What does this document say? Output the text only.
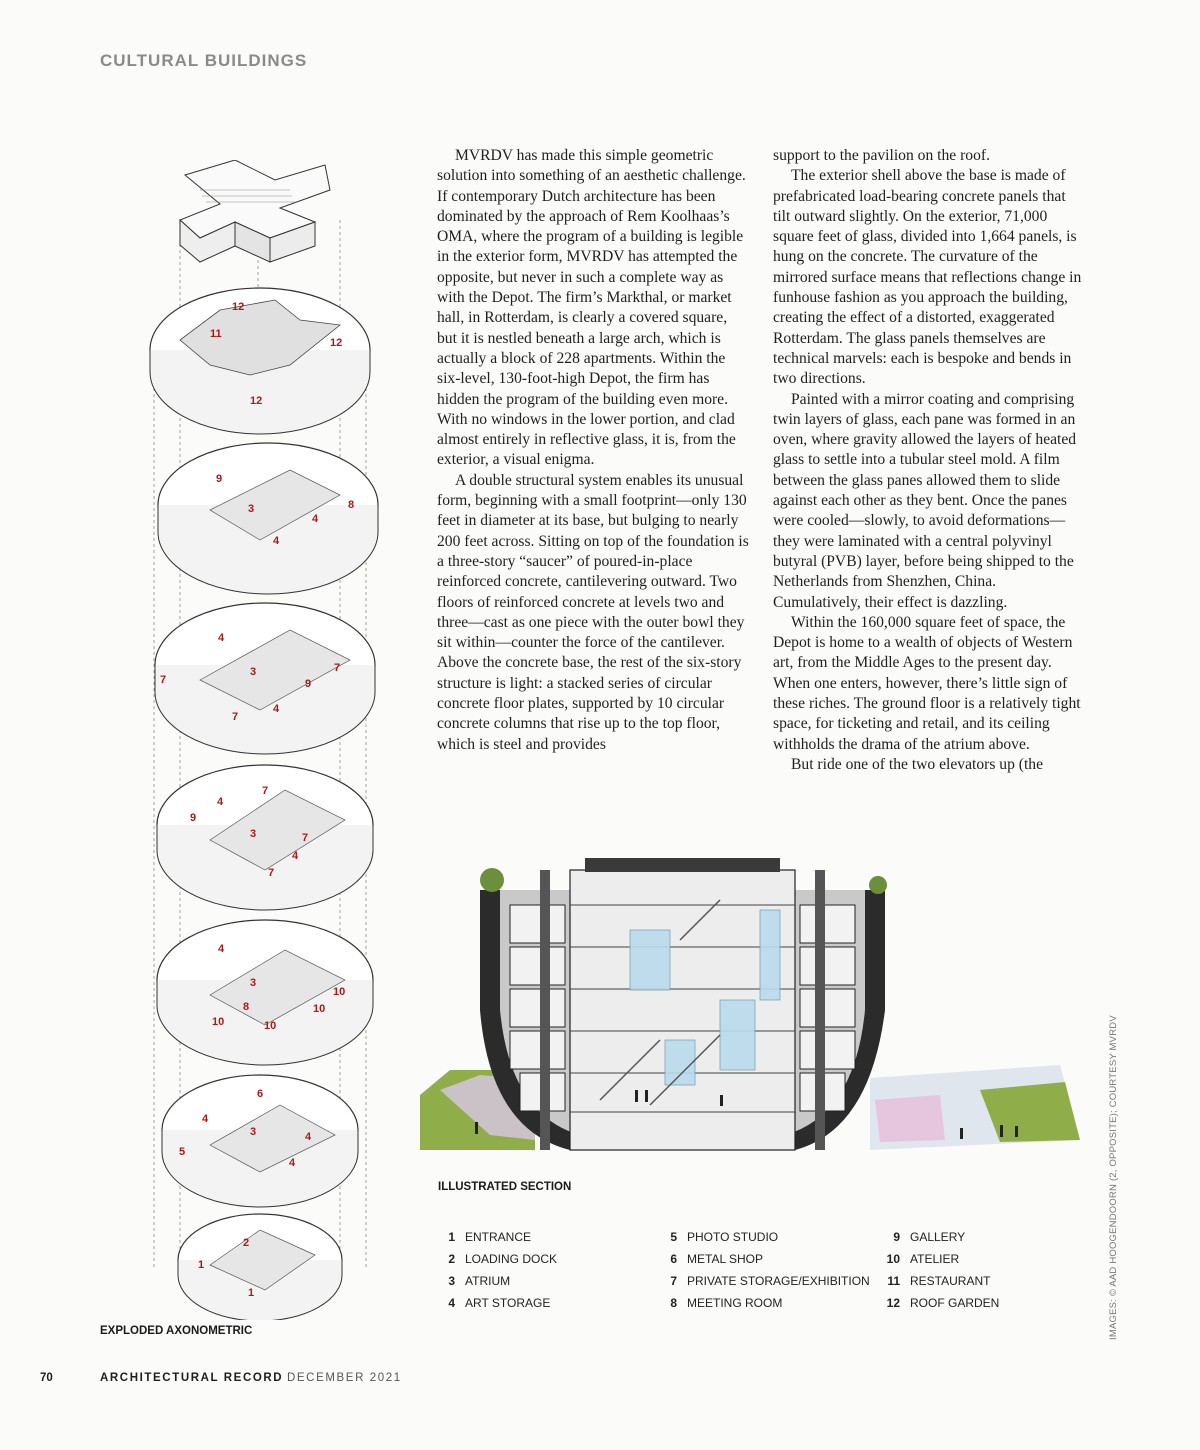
CULTURAL BUILDINGS

MVRDV has made this simple geometric solution into something of an aesthetic challenge. If contemporary Dutch architecture has been dominated by the approach of Rem Koolhaas’s OMA, where the program of a building is legible in the exterior form, MVRDV has attempted the opposite, but never in such a complete way as with the Depot. The firm’s Markthal, or market hall, in Rotterdam, is clearly a covered square, but it is nestled beneath a large arch, which is actually a block of 228 apartments. Within the six-level, 130-foot-high Depot, the firm has hidden the program of the building even more. With no windows in the lower portion, and clad almost entirely in reflective glass, it is, from the exterior, a visual enigma.

A double structural system enables its unusual form, beginning with a small footprint—only 130 feet in diameter at its base, but bulging to nearly 200 feet across. Sitting on top of the foundation is a three-story “saucer” of poured-in-place reinforced concrete, cantilevering outward. Two floors of reinforced concrete at levels two and three—cast as one piece with the outer bowl they sit within—counter the force of the cantilever. Above the concrete base, the rest of the six-story structure is light: a stacked series of circular concrete floor plates, supported by 10 circular concrete columns that rise up to the top floor, which is steel and provides

support to the pavilion on the roof.

The exterior shell above the base is made of prefabricated load-bearing concrete panels that tilt outward slightly. On the exterior, 71,000 square feet of glass, divided into 1,664 panels, is hung on the concrete. The curvature of the mirrored surface means that reflections change in funhouse fashion as you approach the building, creating the effect of a distorted, exaggerated Rotterdam. The glass panels themselves are technical marvels: each is bespoke and bends in two directions.

Painted with a mirror coating and comprising twin layers of glass, each pane was formed in an oven, where gravity allowed the layers of heated glass to settle into a tubular steel mold. A film between the glass panes allowed them to slide against each other as they bent. Once the panes were cooled—slowly, to avoid deformations—they were laminated with a central polyvinyl butyral (PVB) layer, before being shipped to the Netherlands from Shenzhen, China. Cumulatively, their effect is dazzling.

Within the 160,000 square feet of space, the Depot is home to a wealth of objects of Western art, from the Middle Ages to the present day. When one enters, however, there’s little sign of these riches. The ground floor is a relatively tight space, for ticketing and retail, and its ceiling withholds the drama of the atrium above.

But ride one of the two elevators up (the

12
11
12
12
9
3
4
8
4
4
3	7
7	9
4
7
4
7
9
3	7
4
7
4
3
8
10
10
10	10
6
4
3	4
5
4
2
1
1
EXPLODED AXONOMETRIC
ILLUSTRATED SECTION
1 ENTRANCE
2 LOADING DOCK
3 ATRIUM
4 ART STORAGE
5 PHOTO STUDIO
6 METAL SHOP
7 PRIVATE STORAGE/EXHIBITION
8 MEETING ROOM
9 GALLERY
10 ATELIER
11 RESTAURANT
12 ROOF GARDEN	IMAGES: © AAD HOOGENDOORN (2, OPPOSITE); COURTESY MVRDV
70	ARCHITECTURAL RECORD DECEMBER 2021
